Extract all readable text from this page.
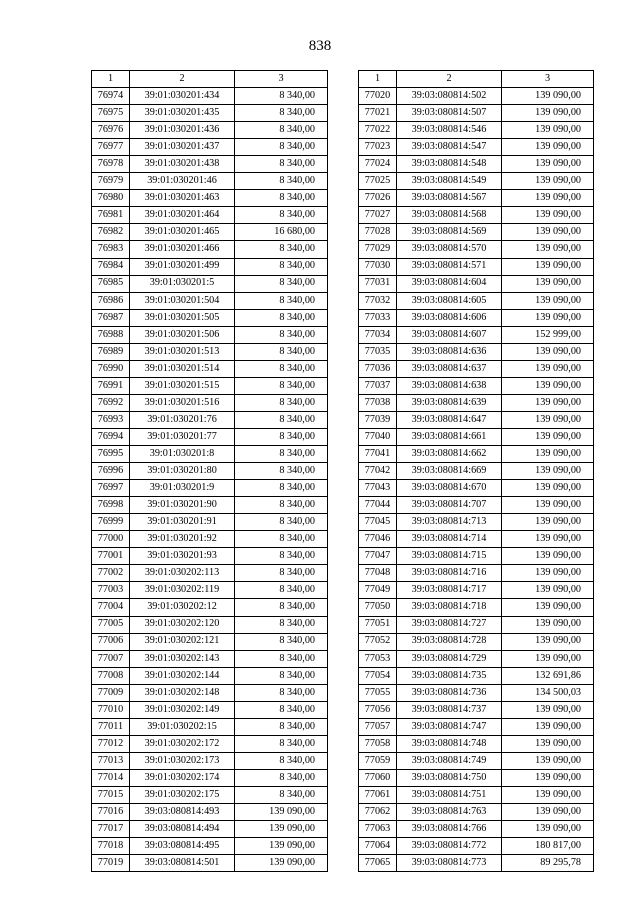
838
1	2	3
76974	39:01:030201:434	8 340,00
76975	39:01:030201:435	8 340,00
76976	39:01:030201:436	8 340,00
76977	39:01:030201:437	8 340,00
76978	39:01:030201:438	8 340,00
76979	39:01:030201:46	8 340,00
76980	39:01:030201:463	8 340,00
76981	39:01:030201:464	8 340,00
76982	39:01:030201:465	16 680,00
76983	39:01:030201:466	8 340,00
76984	39:01:030201:499	8 340,00
76985	39:01:030201:5	8 340,00
76986	39:01:030201:504	8 340,00
76987	39:01:030201:505	8 340,00
76988	39:01:030201:506	8 340,00
76989	39:01:030201:513	8 340,00
76990	39:01:030201:514	8 340,00
76991	39:01:030201:515	8 340,00
76992	39:01:030201:516	8 340,00
76993	39:01:030201:76	8 340,00
76994	39:01:030201:77	8 340,00
76995	39:01:030201:8	8 340,00
76996	39:01:030201:80	8 340,00
76997	39:01:030201:9	8 340,00
76998	39:01:030201:90	8 340,00
76999	39:01:030201:91	8 340,00
77000	39:01:030201:92	8 340,00
77001	39:01:030201:93	8 340,00
77002	39:01:030202:113	8 340,00
77003	39:01:030202:119	8 340,00
77004	39:01:030202:12	8 340,00
77005	39:01:030202:120	8 340,00
77006	39:01:030202:121	8 340,00
77007	39:01:030202:143	8 340,00
77008	39:01:030202:144	8 340,00
77009	39:01:030202:148	8 340,00
77010	39:01:030202:149	8 340,00
77011	39:01:030202:15	8 340,00
77012	39:01:030202:172	8 340,00
77013	39:01:030202:173	8 340,00
77014	39:01:030202:174	8 340,00
77015	39:01:030202:175	8 340,00
77016	39:03:080814:493	139 090,00
77017	39:03:080814:494	139 090,00
77018	39:03:080814:495	139 090,00
77019	39:03:080814:501	139 090,00
1	2	3
77020	39:03:080814:502	139 090,00
77021	39:03:080814:507	139 090,00
77022	39:03:080814:546	139 090,00
77023	39:03:080814:547	139 090,00
77024	39:03:080814:548	139 090,00
77025	39:03:080814:549	139 090,00
77026	39:03:080814:567	139 090,00
77027	39:03:080814:568	139 090,00
77028	39:03:080814:569	139 090,00
77029	39:03:080814:570	139 090,00
77030	39:03:080814:571	139 090,00
77031	39:03:080814:604	139 090,00
77032	39:03:080814:605	139 090,00
77033	39:03:080814:606	139 090,00
77034	39:03:080814:607	152 999,00
77035	39:03:080814:636	139 090,00
77036	39:03:080814:637	139 090,00
77037	39:03:080814:638	139 090,00
77038	39:03:080814:639	139 090,00
77039	39:03:080814:647	139 090,00
77040	39:03:080814:661	139 090,00
77041	39:03:080814:662	139 090,00
77042	39:03:080814:669	139 090,00
77043	39:03:080814:670	139 090,00
77044	39:03:080814:707	139 090,00
77045	39:03:080814:713	139 090,00
77046	39:03:080814:714	139 090,00
77047	39:03:080814:715	139 090,00
77048	39:03:080814:716	139 090,00
77049	39:03:080814:717	139 090,00
77050	39:03:080814:718	139 090,00
77051	39:03:080814:727	139 090,00
77052	39:03:080814:728	139 090,00
77053	39:03:080814:729	139 090,00
77054	39:03:080814:735	132 691,86
77055	39:03:080814:736	134 500,03
77056	39:03:080814:737	139 090,00
77057	39:03:080814:747	139 090,00
77058	39:03:080814:748	139 090,00
77059	39:03:080814:749	139 090,00
77060	39:03:080814:750	139 090,00
77061	39:03:080814:751	139 090,00
77062	39:03:080814:763	139 090,00
77063	39:03:080814:766	139 090,00
77064	39:03:080814:772	180 817,00
77065	39:03:080814:773	89 295,78
